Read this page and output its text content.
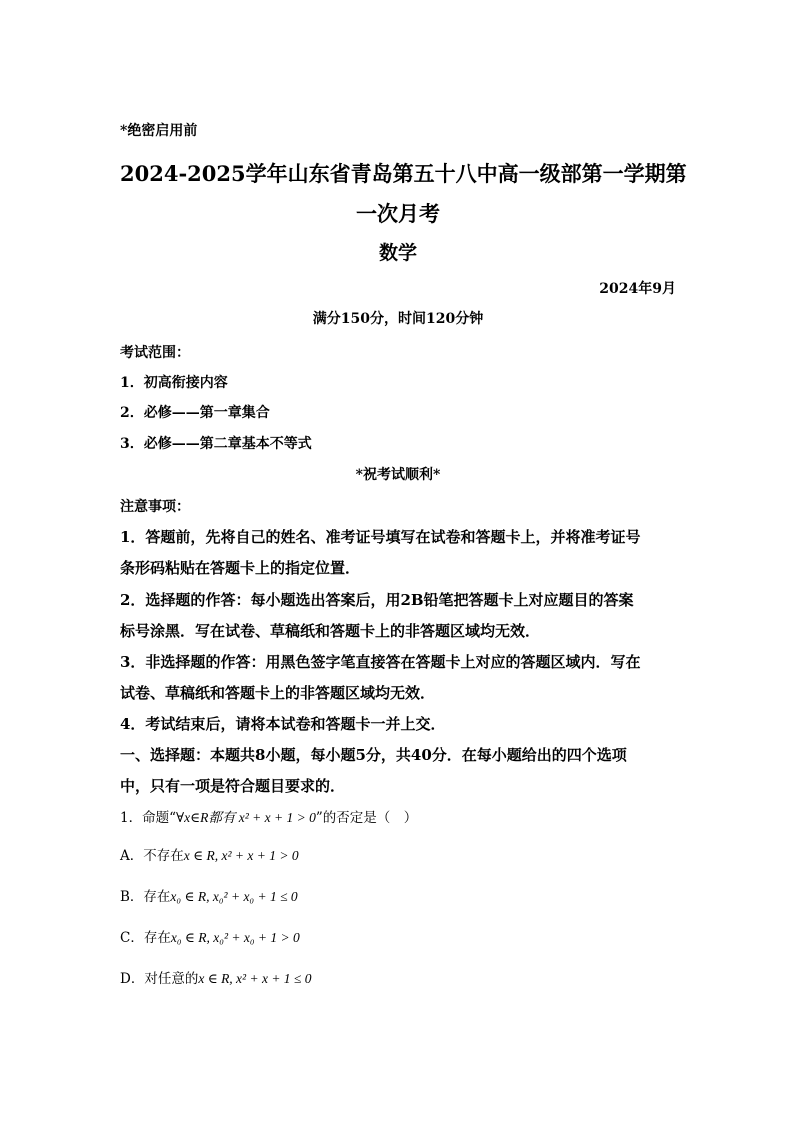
*绝密启用前
2024-2025学年山东省青岛第五十八中高一级部第一学期第
一次月考
数学
2024年9月
满分150分，时间120分钟
考试范围：
1．初高衔接内容
2．必修——第一章集合
3．必修——第二章基本不等式
*祝考试顺利*
注意事项：
1．答题前，先将自己的姓名、准考证号填写在试卷和答题卡上，并将准考证号
条形码粘贴在答题卡上的指定位置．
2．选择题的作答：每小题选出答案后，用2B铅笔把答题卡上对应题目的答案
标号涂黑．写在试卷、草稿纸和答题卡上的非答题区域均无效．
3．非选择题的作答：用黑色签字笔直接答在答题卡上对应的答题区域内．写在
试卷、草稿纸和答题卡上的非答题区域均无效．
4．考试结束后，请将本试卷和答题卡一并上交．
一、选择题：本题共8小题，每小题5分，共40分．在每小题给出的四个选项
中，只有一项是符合题目要求的．
1．命题“∀x∈R都有 x² + x + 1 > 0”的否定是（　）
A．不存在x ∈ R, x² + x + 1 > 0
B．存在x₀ ∈ R, x₀² + x₀ + 1 ≤ 0
C．存在x₀ ∈ R, x₀² + x₀ + 1 > 0
D．对任意的x ∈ R, x² + x + 1 ≤ 0
